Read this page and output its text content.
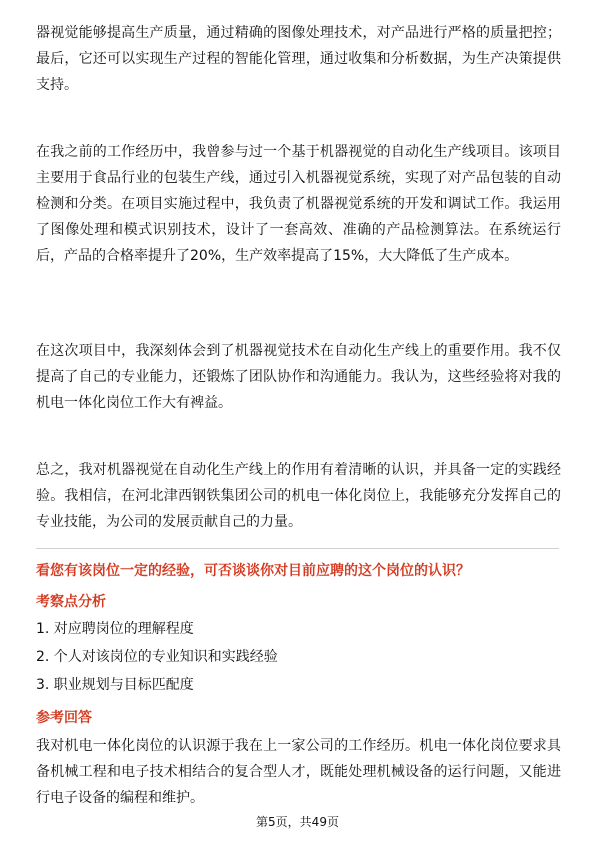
器视觉能够提高生产质量，通过精确的图像处理技术，对产品进行严格的质量把控；最后，它还可以实现生产过程的智能化管理，通过收集和分析数据，为生产决策提供支持。

在我之前的工作经历中，我曾参与过一个基于机器视觉的自动化生产线项目。该项目主要用于食品行业的包装生产线，通过引入机器视觉系统，实现了对产品包装的自动检测和分类。在项目实施过程中，我负责了机器视觉系统的开发和调试工作。我运用了图像处理和模式识别技术，设计了一套高效、准确的产品检测算法。在系统运行后，产品的合格率提升了20%，生产效率提高了15%，大大降低了生产成本。

在这次项目中，我深刻体会到了机器视觉技术在自动化生产线上的重要作用。我不仅提高了自己的专业能力，还锻炼了团队协作和沟通能力。我认为，这些经验将对我的机电一体化岗位工作大有裨益。

总之，我对机器视觉在自动化生产线上的作用有着清晰的认识，并具备一定的实践经验。我相信，在河北津西钢铁集团公司的机电一体化岗位上，我能够充分发挥自己的专业技能，为公司的发展贡献自己的力量。

看您有该岗位一定的经验，可否谈谈你对目前应聘的这个岗位的认识？

考察点分析

1. 对应聘岗位的理解程度

2. 个人对该岗位的专业知识和实践经验

3. 职业规划与目标匹配度

参考回答

我对机电一体化岗位的认识源于我在上一家公司的工作经历。机电一体化岗位要求具备机械工程和电子技术相结合的复合型人才，既能处理机械设备的运行问题，又能进行电子设备的编程和维护。

第5页，共49页
